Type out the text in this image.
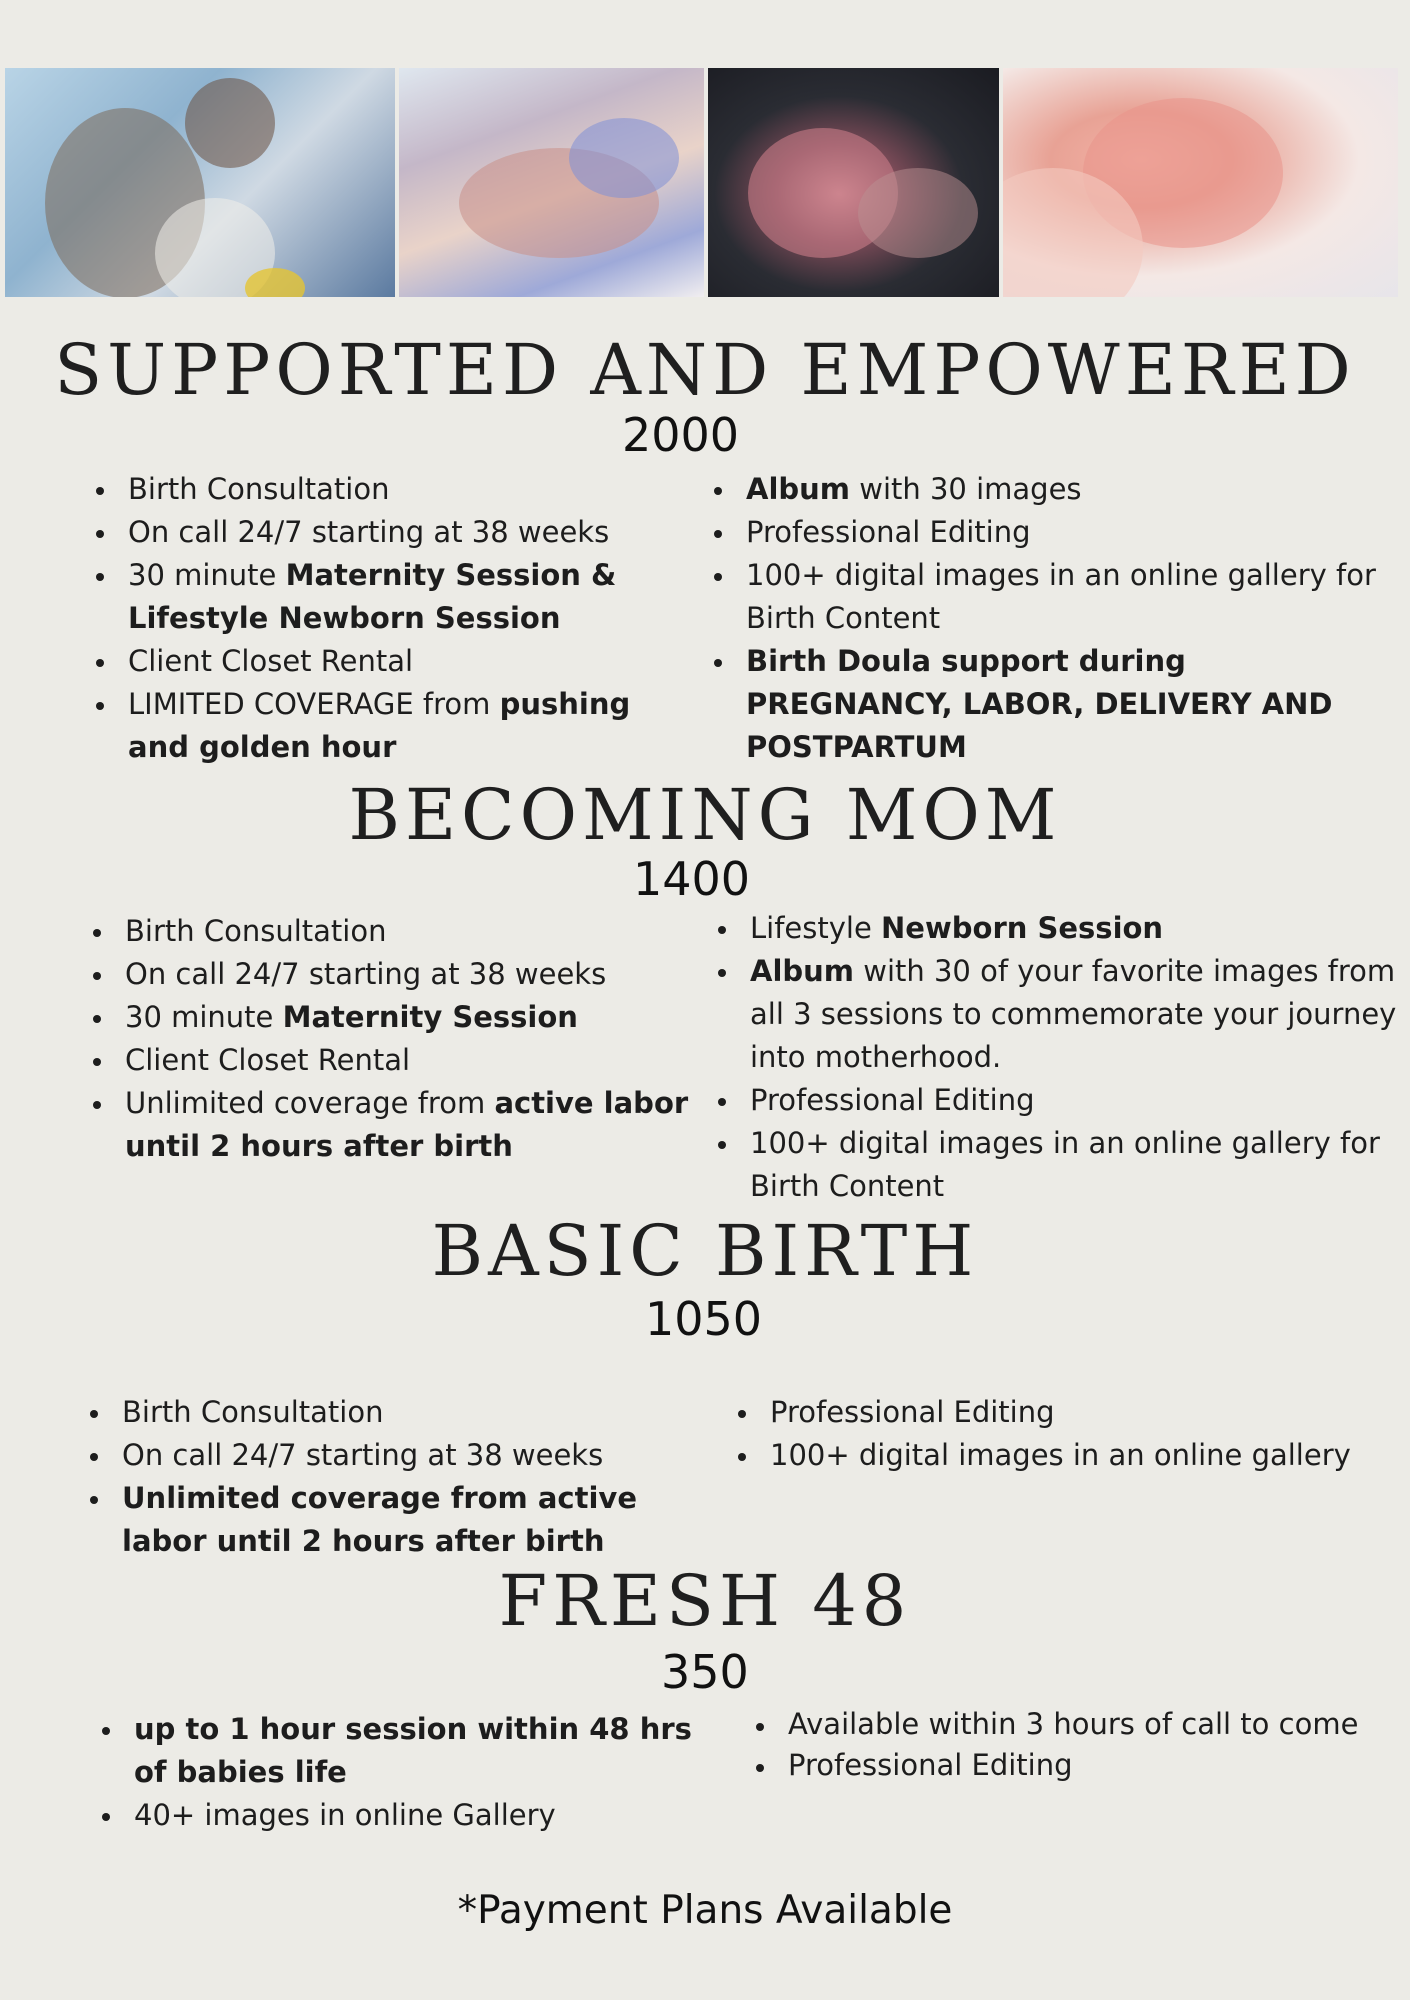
SUPPORTED AND EMPOWERED
2000
Birth Consultation
On call 24/7 starting at 38 weeks
30 minute Maternity Session & Lifestyle Newborn Session
Client Closet Rental
LIMITED COVERAGE from pushing and golden hour
Album with 30 images
Professional Editing
100+ digital images in an online gallery for Birth Content
Birth Doula support during PREGNANCY, LABOR, DELIVERY AND POSTPARTUM
BECOMING MOM
1400
Birth Consultation
On call 24/7 starting at 38 weeks
30 minute Maternity Session
Client Closet Rental
Unlimited coverage from active labor until 2 hours after birth
Lifestyle Newborn Session
Album with 30 of your favorite images from all 3 sessions to commemorate your journey into motherhood.
Professional Editing
100+ digital images in an online gallery for Birth Content
BASIC BIRTH
1050
Birth Consultation
On call 24/7 starting at 38 weeks
Unlimited coverage from active labor until 2 hours after birth
Professional Editing
100+ digital images in an online gallery
FRESH 48
350
up to 1 hour session within 48 hrs of babies life
40+ images in online Gallery
Available within 3 hours of call to come
Professional Editing
*Payment Plans Available
